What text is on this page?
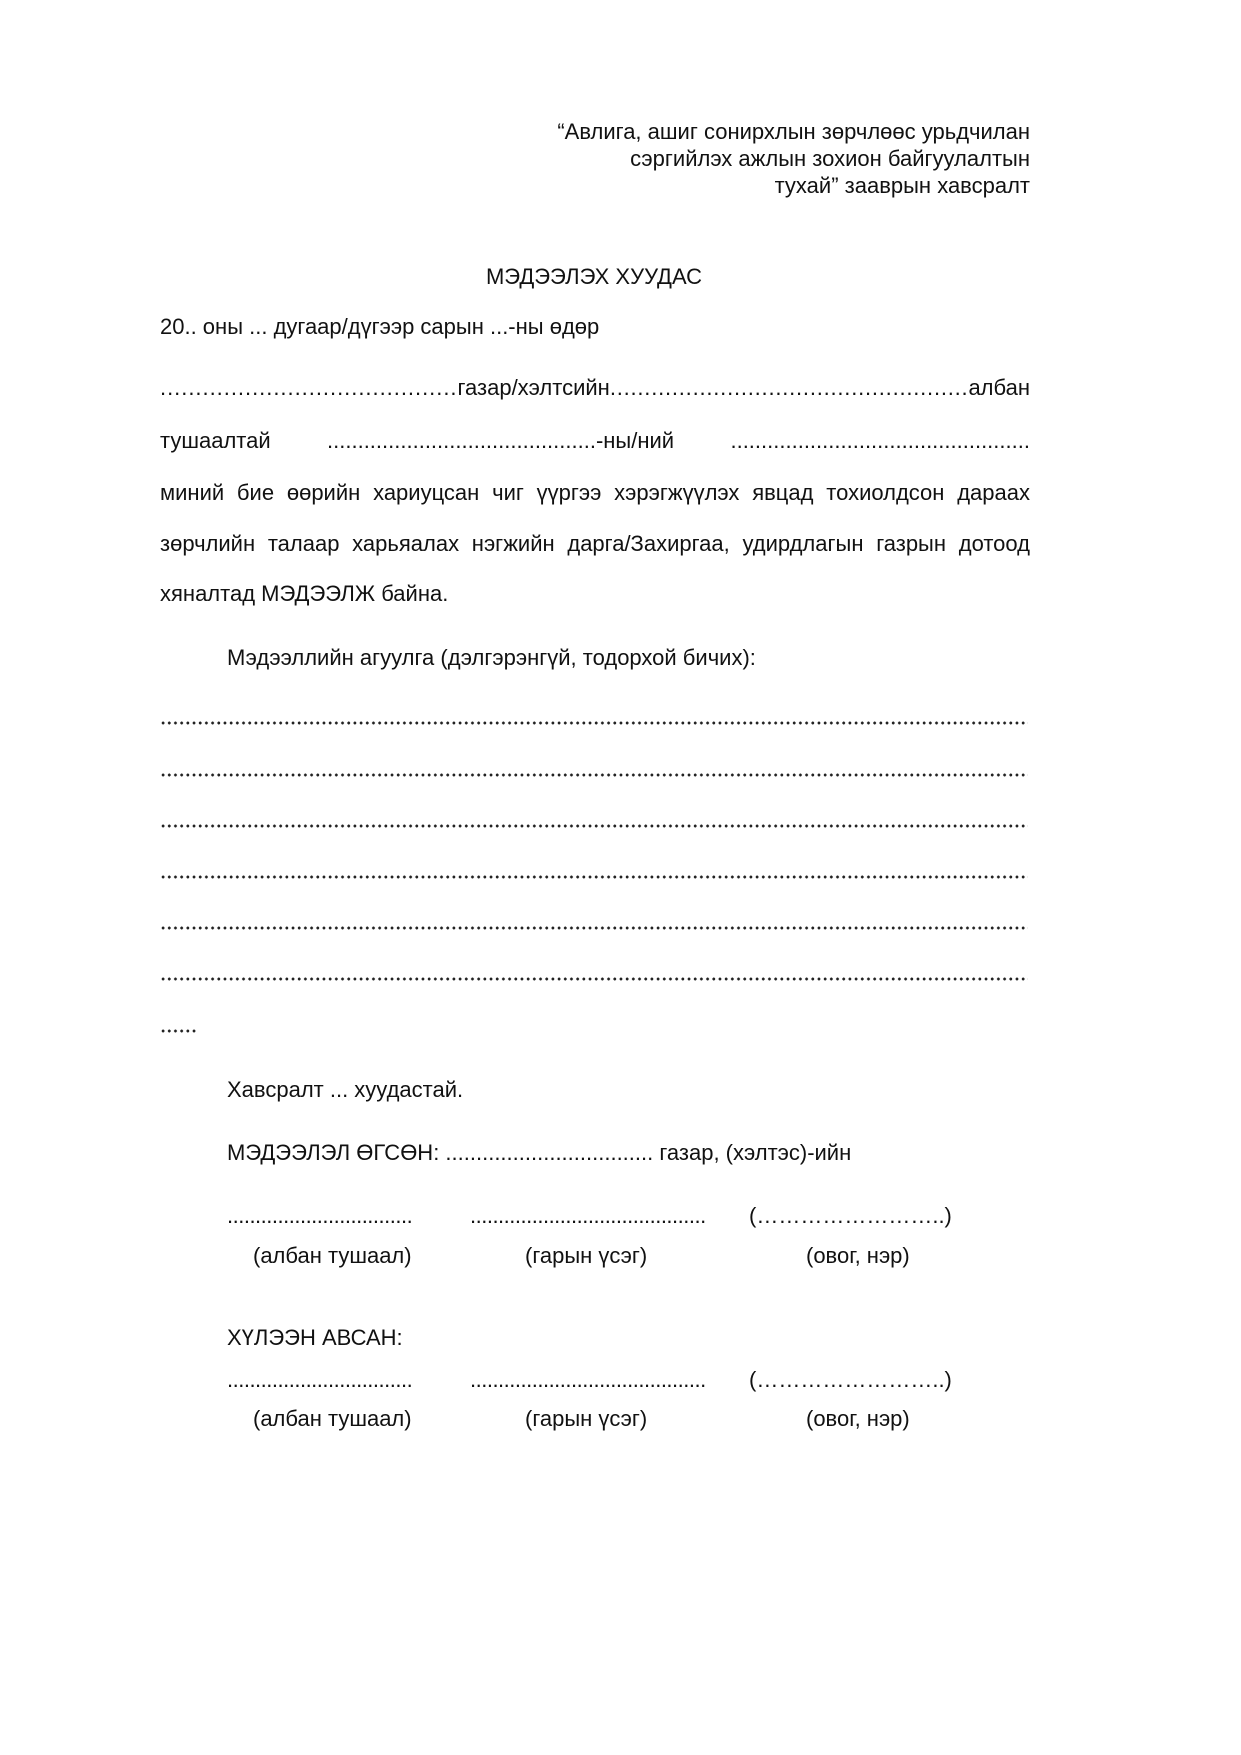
“Авлига, ашиг сонирхлын зөрчлөөс урьдчилан
сэргийлэх ажлын зохион байгуулалтын
тухай” зааврын хавсралт
МЭДЭЭЛЭХ ХУУДАС
20.. оны ... дугаар/дүгээр сарын ...-ны өдөр
.......................................... газар/хэлтсийн .................................................... албан
тушаалтай	............................................-ны/ний	.................................................
миний бие өөрийн хариуцсан чиг үүргээ хэрэгжүүлэх явцад тохиолдсон дараах
зөрчлийн талаар харьяалах нэгжийн дарга/Захиргаа, удирдлагын газрын дотоод
хяналтад МЭДЭЭЛЖ байна.
Мэдээллийн агуулга (дэлгэрэнгүй, тодорхой бичих):
Хавсралт ... хуудастай.
МЭДЭЭЛЭЛ ӨГСӨН: .................................. газар, (хэлтэс)-ийн
.................................	.......................................... (……………………..)
(албан тушаал)	(гарын үсэг)	(овог, нэр)
ХҮЛЭЭН АВСАН:
.................................	.......................................... (……………………..)
(албан тушаал)	(гарын үсэг)	(овог, нэр)
